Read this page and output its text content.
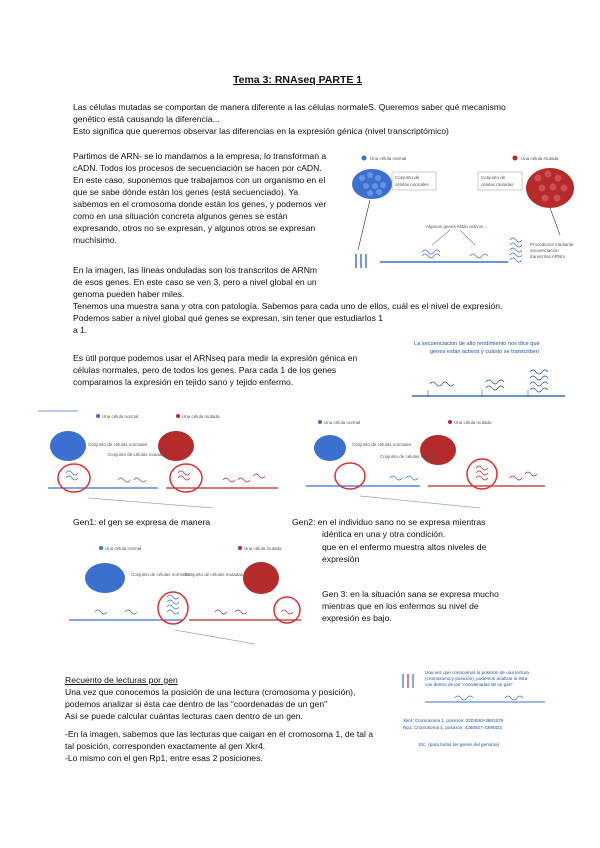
Tema 3: RNAseq PARTE 1
Las células mutadas se comportan de manera diferente a las células normaleS. Queremos saber qué mecanismo
genético está causando la diferencia...
Esto significa que queremos observar las diferencias en la expresión génica (nivel transcriptómico)
Partimos de ARN- se lo mandamos a la empresa, lo transforman a
cADN. Todos los procesos de secuenciación se hacen por cADN.
En este caso, suponemos que trabajamos con un organismo en el
que se sabe dónde están los genes (está secuenciado). Ya
sabemos en el cromosoma donde están los genes, y podemos ver
como en una situación concreta algunos genes se están
expresando, otros no se expresan, y algunos otros se expresan
muchísimo.
Una célula normal	Una célula mutada
Conjunto de
células normales
Conjunto de
células mutadas
Algunos genes están activos...
Procedimos mediante
secuenciación
transcritos ARNm
En la imagen, las líneas onduladas son los transcritos de ARNm
de esos genes. En este caso se ven 3, pero a nivel global en un
genoma pueden haber miles.
Tenemos una muestra sana y otra con patología. Sabemos para cada uno de ellos, cuál es el nivel de expresión.
Podemos saber a nivel global qué genes se expresan, sin tener que estudiarlos 1
a 1.
Es útil porque podemos usar el ARNseq para medir la expresión génica en
células normales, pero de todos los genes. Para cada 1 de los genes
comparamos la expresión en tejido sano y tejido enfermo.
La secuenciación de alto rendimiento nos dice qué
genes están activos y cuánto se transcriben
Una célula normal	Una célula mutada
Conjunto de células normales
Conjunto de células mutadas
Una célula normal	Una célula mutada
Conjunto de células normales
Conjunto de células mutadas
Gen1: el gen se expresa de manera	Gen2: en el individuo sano no se expresa mientras
idéntica en una y otra condición.
que en el enfermo muestra altos niveles de
expresión
Una célula normal	Una célula mutada
Conjunto de células normales
Conjunto de células mutadas
Gen 3: en la situación sana se expresa mucho
mientras que en los enfermos su nivel de
expresión es bajo.
Recuento de lecturas por gen
Una vez que conocemos la posición de una lectura (cromosoma y posición),
podemos analizar si ésta cae dentro de las "coordenadas de un gen"
Así se puede calcular cuántas lecturas caen dentro de un gen.
-En la imagen, sabemos que las lecturas que caigan en el cromosoma 1, de tal a
tal posición, corresponden exactamente al gen Xkr4.
-Lo mismo con el gen Rp1, entre esas 2 posiciones.
Una vez que conocemos la posición de una lectura
(cromosoma y posición), podemos analizar si ésta
cae dentro de las "coordenadas de un gen"
Xkr4: Cromosoma 1, posición: 3204563-3661579
Rp1: Cromosoma 1, posición: 4280927-4399322
Etc. (para todos los genes del genoma)
